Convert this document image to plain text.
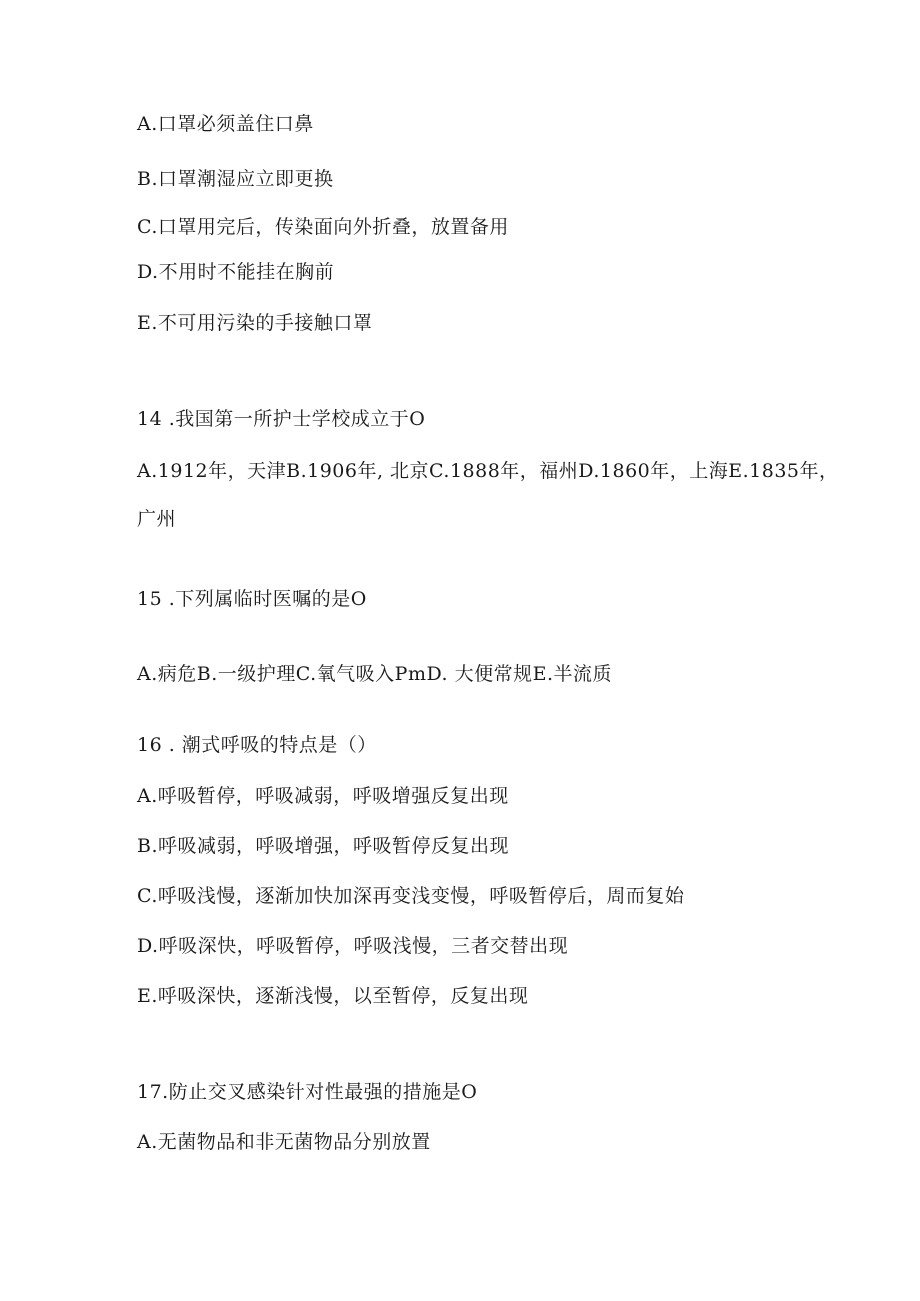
A.口罩必须盖住口鼻
B.口罩潮湿应立即更换
C.口罩用完后，传染面向外折叠，放置备用
D.不用时不能挂在胸前
E.不可用污染的手接触口罩
14 .我国第一所护士学校成立于O
A.1912年，天津B.1906年, 北京C.1888年，福州D.1860年，上海E.1835年，
广州
15 .下列属临时医嘱的是O
A.病危B.一级护理C.氧气吸入PmD. 大便常规E.半流质
16 . 潮式呼吸的特点是（）
A.呼吸暂停，呼吸减弱，呼吸增强反复出现
B.呼吸减弱，呼吸增强，呼吸暂停反复出现
C.呼吸浅慢，逐渐加快加深再变浅变慢，呼吸暂停后，周而复始
D.呼吸深快，呼吸暂停，呼吸浅慢，三者交替出现
E.呼吸深快，逐渐浅慢，以至暂停，反复出现
17.防止交叉感染针对性最强的措施是O
A.无菌物品和非无菌物品分别放置
